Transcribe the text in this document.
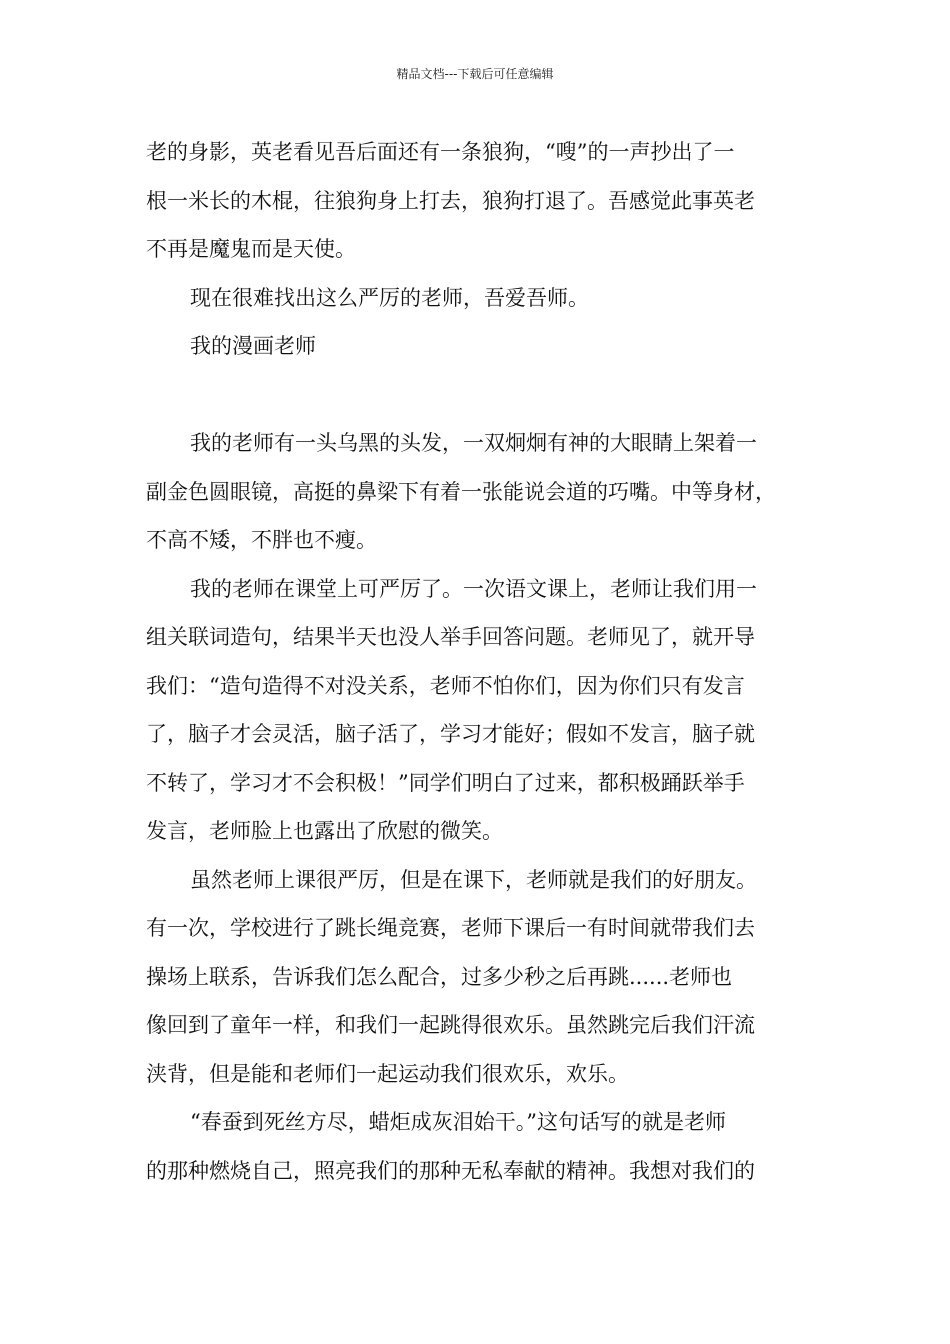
精品文档---下载后可任意编辑
老的身影，英老看见吾后面还有一条狼狗，“嗖”的一声抄出了一
根一米长的木棍，往狼狗身上打去，狼狗打退了。吾感觉此事英老
不再是魔鬼而是天使。
现在很难找出这么严厉的老师，吾爱吾师。
我的漫画老师
我的老师有一头乌黑的头发，一双炯炯有神的大眼睛上架着一
副金色圆眼镜，高挺的鼻梁下有着一张能说会道的巧嘴。中等身材，
不高不矮，不胖也不瘦。
我的老师在课堂上可严厉了。一次语文课上，老师让我们用一
组关联词造句，结果半天也没人举手回答问题。老师见了，就开导
我们：“造句造得不对没关系，老师不怕你们，因为你们只有发言
了，脑子才会灵活，脑子活了，学习才能好；假如不发言，脑子就
不转了，学习才不会积极！”同学们明白了过来，都积极踊跃举手
发言，老师脸上也露出了欣慰的微笑。
虽然老师上课很严厉，但是在课下，老师就是我们的好朋友。
有一次，学校进行了跳长绳竞赛，老师下课后一有时间就带我们去
操场上联系，告诉我们怎么配合，过多少秒之后再跳......老师也
像回到了童年一样，和我们一起跳得很欢乐。虽然跳完后我们汗流
浃背，但是能和老师们一起运动我们很欢乐，欢乐。
“春蚕到死丝方尽，蜡炬成灰泪始干。”这句话写的就是老师
的那种燃烧自己，照亮我们的那种无私奉献的精神。我想对我们的
